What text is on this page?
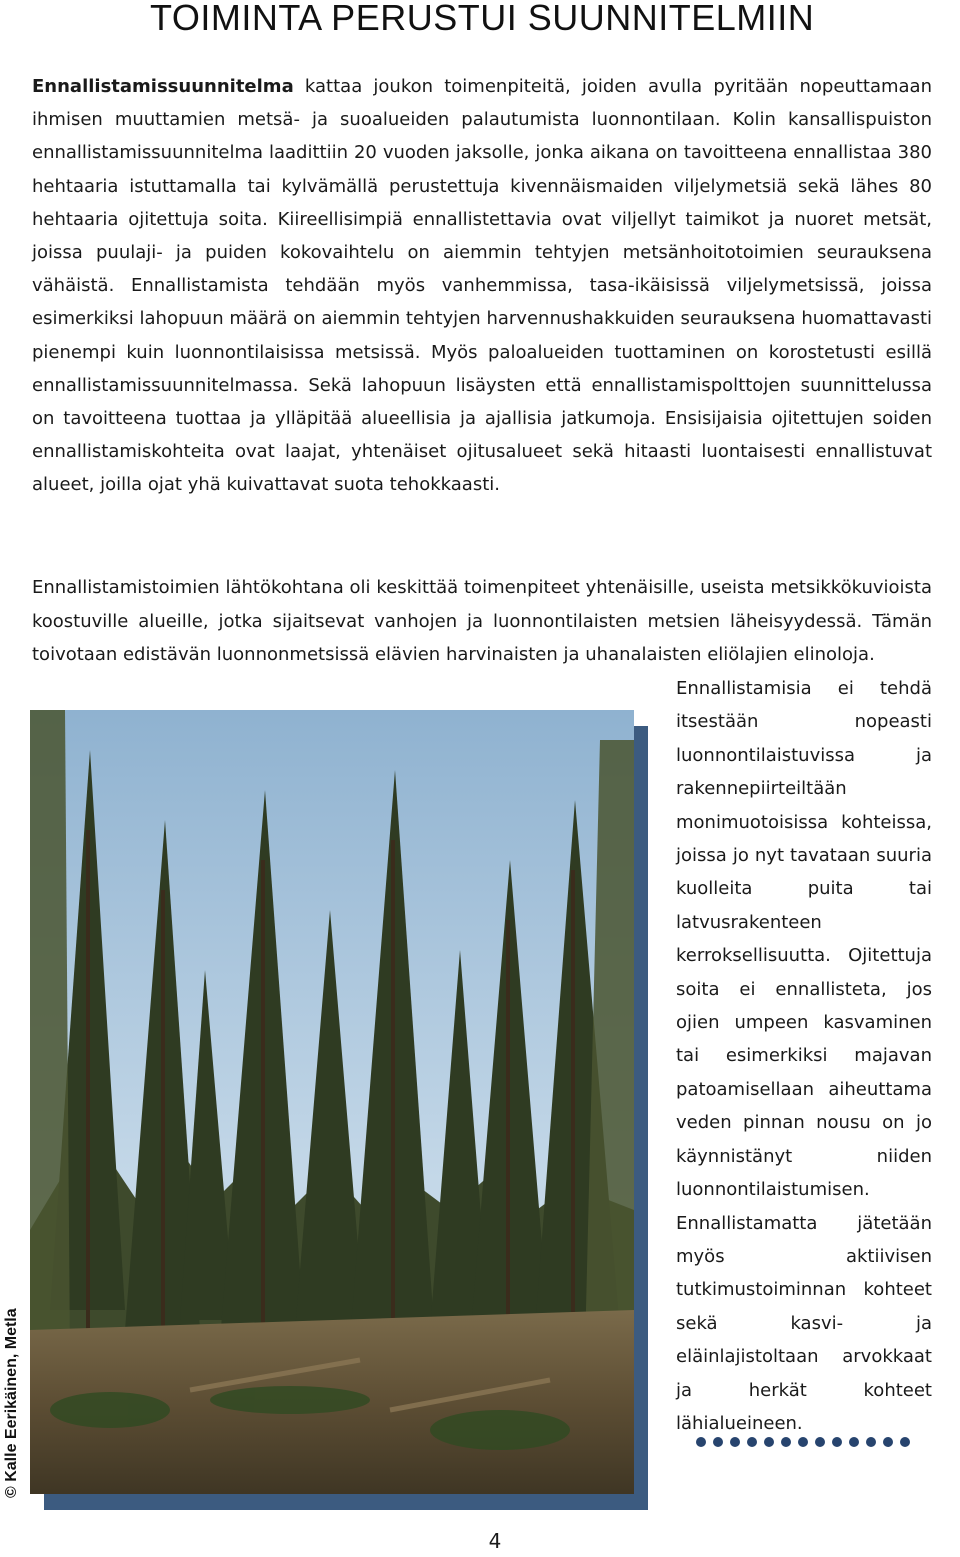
TOIMINTA PERUSTUI SUUNNITELMIIN

Ennallistamissuunnitelma kattaa joukon toimenpiteitä, joiden avulla pyritään nopeuttamaan ihmisen muuttamien metsä- ja suoalueiden palautumista luonnontilaan. Kolin kansallispuiston ennallistamissuunnitelma laadittiin 20 vuoden jaksolle, jonka aikana on tavoitteena ennallistaa 380 hehtaaria istuttamalla tai kylvämällä perustettuja kivennäismaiden viljelymetsiä sekä lähes 80 hehtaaria ojitettuja soita. Kiireellisimpiä ennallistettavia ovat viljellyt taimikot ja nuoret metsät, joissa puulaji- ja puiden kokovaihtelu on aiemmin tehtyjen metsänhoitotoimien seurauksena vähäistä. Ennallistamista tehdään myös vanhemmissa, tasa-ikäisissä viljelymetsissä, joissa esimerkiksi lahopuun määrä on aiemmin tehtyjen harvennushakkuiden seurauksena huomattavasti pienempi kuin luonnontilaisissa metsissä. Myös paloalueiden tuottaminen on korostetusti esillä ennallistamissuunnitelmassa. Sekä lahopuun lisäysten että ennallistamispolttojen suunnittelussa on tavoitteena tuottaa ja ylläpitää alueellisia ja ajallisia jatkumoja. Ensisijaisia ojitettujen soiden ennallistamiskohteita ovat laajat, yhtenäiset ojitusalueet sekä hitaasti luontaisesti ennallistuvat alueet, joilla ojat yhä kuivattavat suota tehokkaasti.

Ennallistamistoimien lähtökohtana oli keskittää toimenpiteet yhtenäisille, useista metsikkökuvioista koostuville alueille, jotka sijaitsevat vanhojen ja luonnontilaisten metsien läheisyydessä. Tämän toivotaan edistävän luonnonmetsissä elävien harvinaisten ja uhanalaisten eliölajien elinoloja.

Ennallistamisia ei tehdä itsestään nopeasti luonnontilaistuvissa ja rakennepiirteiltään monimuotoisissa kohteissa, joissa jo nyt tavataan suuria kuolleita puita tai latvusrakenteen kerroksellisuutta. Ojitettuja soita ei ennallisteta, jos ojien umpeen kasvaminen tai esimerkiksi majavan patoamisellaan aiheuttama veden pinnan nousu on jo käynnistänyt niiden luonnontilaistumisen. Ennallistamatta jätetään myös aktiivisen tutkimustoiminnan kohteet sekä kasvi- ja eläinlajistoltaan arvokkaat ja herkät kohteet lähialueineen.

© Kalle Eerikäinen, Metla
4
